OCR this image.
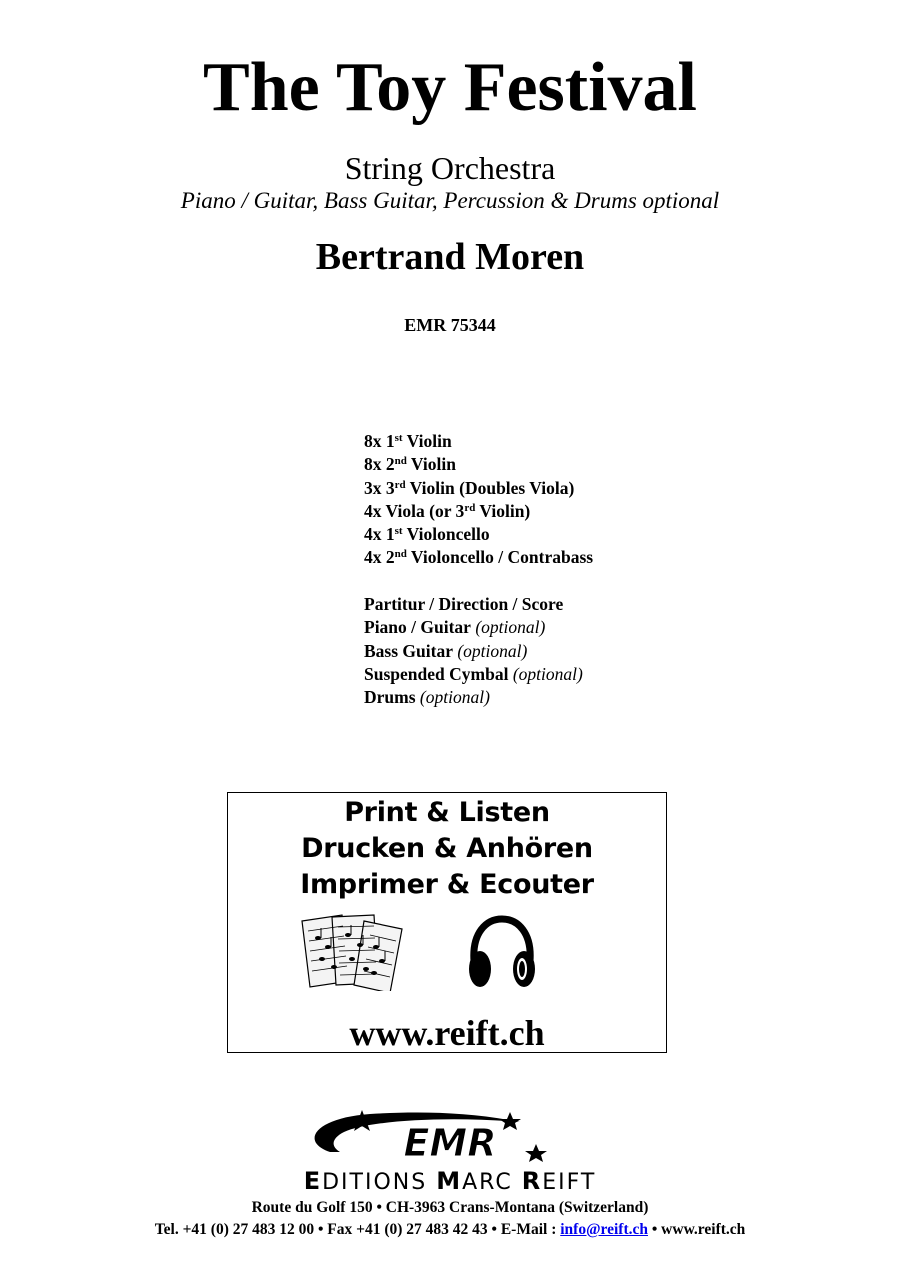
The Toy Festival
String Orchestra
Piano / Guitar, Bass Guitar, Percussion & Drums optional
Bertrand Moren
EMR 75344
8x 1st Violin
8x 2nd Violin
3x 3rd Violin (Doubles Viola)
4x Viola (or 3rd Violin)
4x 1st Violoncello
4x 2nd Violoncello / Contrabass
Partitur / Direction / Score
Piano / Guitar (optional)
Bass Guitar (optional)
Suspended Cymbal (optional)
Drums (optional)
Print & Listen
Drucken & Anhören
Imprimer & Ecouter
www.reift.ch
EMR
EDITIONS MARC REIFT
Route du Golf 150 • CH-3963 Crans-Montana (Switzerland)
Tel. +41 (0) 27 483 12 00 • Fax +41 (0) 27 483 42 43 • E-Mail : info@reift.ch • www.reift.ch
